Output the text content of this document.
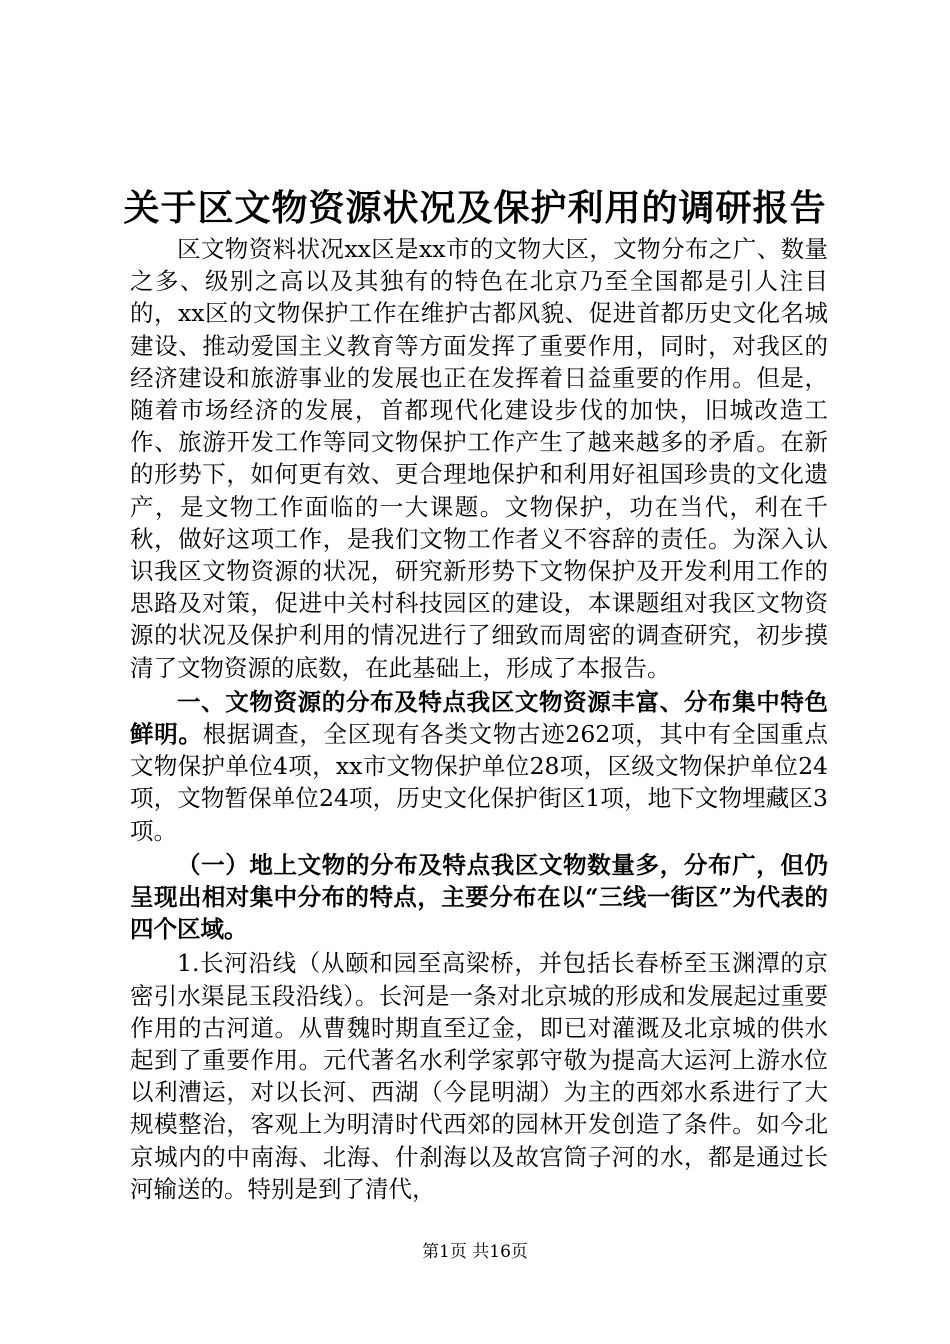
关于区文物资源状况及保护利用的调研报告

区文物资料状况xx区是xx市的文物大区，文物分布之广、数量之多、级别之高以及其独有的特色在北京乃至全国都是引人注目的，xx区的文物保护工作在维护古都风貌、促进首都历史文化名城建设、推动爱国主义教育等方面发挥了重要作用，同时，对我区的经济建设和旅游事业的发展也正在发挥着日益重要的作用。但是，随着市场经济的发展，首都现代化建设步伐的加快，旧城改造工作、旅游开发工作等同文物保护工作产生了越来越多的矛盾。在新的形势下，如何更有效、更合理地保护和利用好祖国珍贵的文化遗产，是文物工作面临的一大课题。文物保护，功在当代，利在千秋，做好这项工作，是我们文物工作者义不容辞的责任。为深入认识我区文物资源的状况，研究新形势下文物保护及开发利用工作的思路及对策，促进中关村科技园区的建设，本课题组对我区文物资源的状况及保护利用的情况进行了细致而周密的调查研究，初步摸清了文物资源的底数，在此基础上，形成了本报告。

一、文物资源的分布及特点我区文物资源丰富、分布集中特色鲜明。根据调查，全区现有各类文物古迹262项，其中有全国重点文物保护单位4项，xx市文物保护单位28项，区级文物保护单位24项，文物暂保单位24项，历史文化保护街区1项，地下文物埋藏区3项。

（一）地上文物的分布及特点我区文物数量多，分布广，但仍呈现出相对集中分布的特点，主要分布在以“三线一街区”为代表的四个区域。

1.长河沿线（从颐和园至高梁桥，并包括长春桥至玉渊潭的京密引水渠昆玉段沿线）。长河是一条对北京城的形成和发展起过重要作用的古河道。从曹魏时期直至辽金，即已对灌溉及北京城的供水起到了重要作用。元代著名水利学家郭守敬为提高大运河上游水位以利漕运，对以长河、西湖（今昆明湖）为主的西郊水系进行了大规模整治，客观上为明清时代西郊的园林开发创造了条件。如今北京城内的中南海、北海、什刹海以及故宫筒子河的水，都是通过长河输送的。特别是到了清代，

第1页 共16页
